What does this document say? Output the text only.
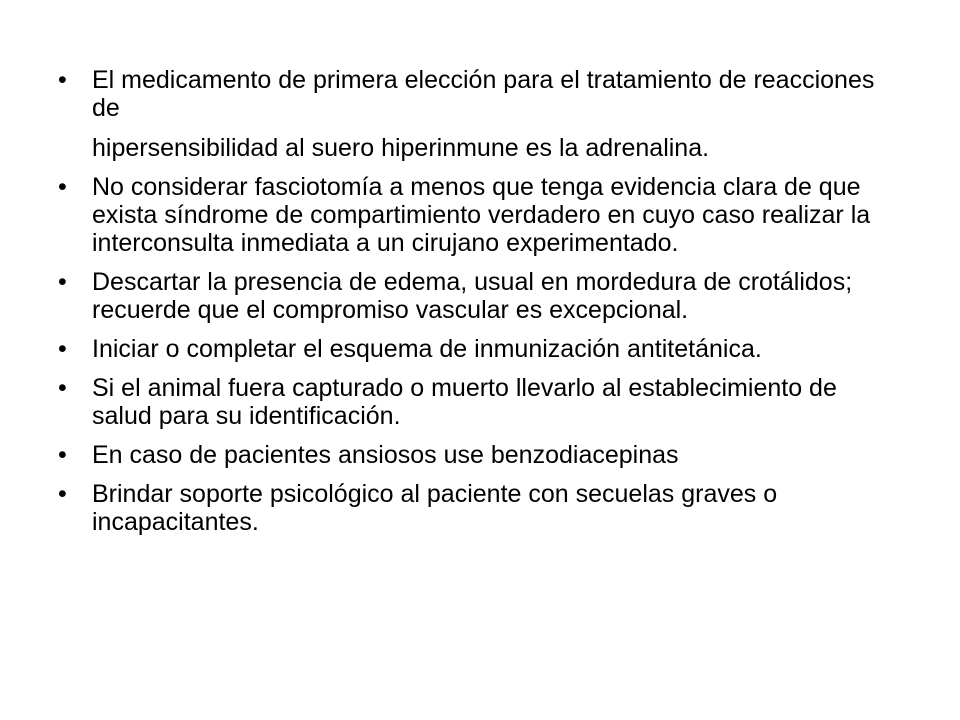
• El medicamento de primera elección para el tratamiento de reacciones de
hipersensibilidad al suero hiperinmune es la adrenalina.
• No considerar fasciotomía a menos que tenga evidencia clara de que exista síndrome de compartimiento verdadero en cuyo caso realizar la interconsulta inmediata a un cirujano experimentado.
• Descartar la presencia de edema, usual en mordedura de crotálidos; recuerde que el compromiso vascular es excepcional.
• Iniciar o completar el esquema de inmunización antitetánica.
• Si el animal fuera capturado o muerto llevarlo al establecimiento de salud para su identificación.
• En caso de pacientes ansiosos use benzodiacepinas
• Brindar soporte psicológico al paciente con secuelas graves o incapacitantes.
